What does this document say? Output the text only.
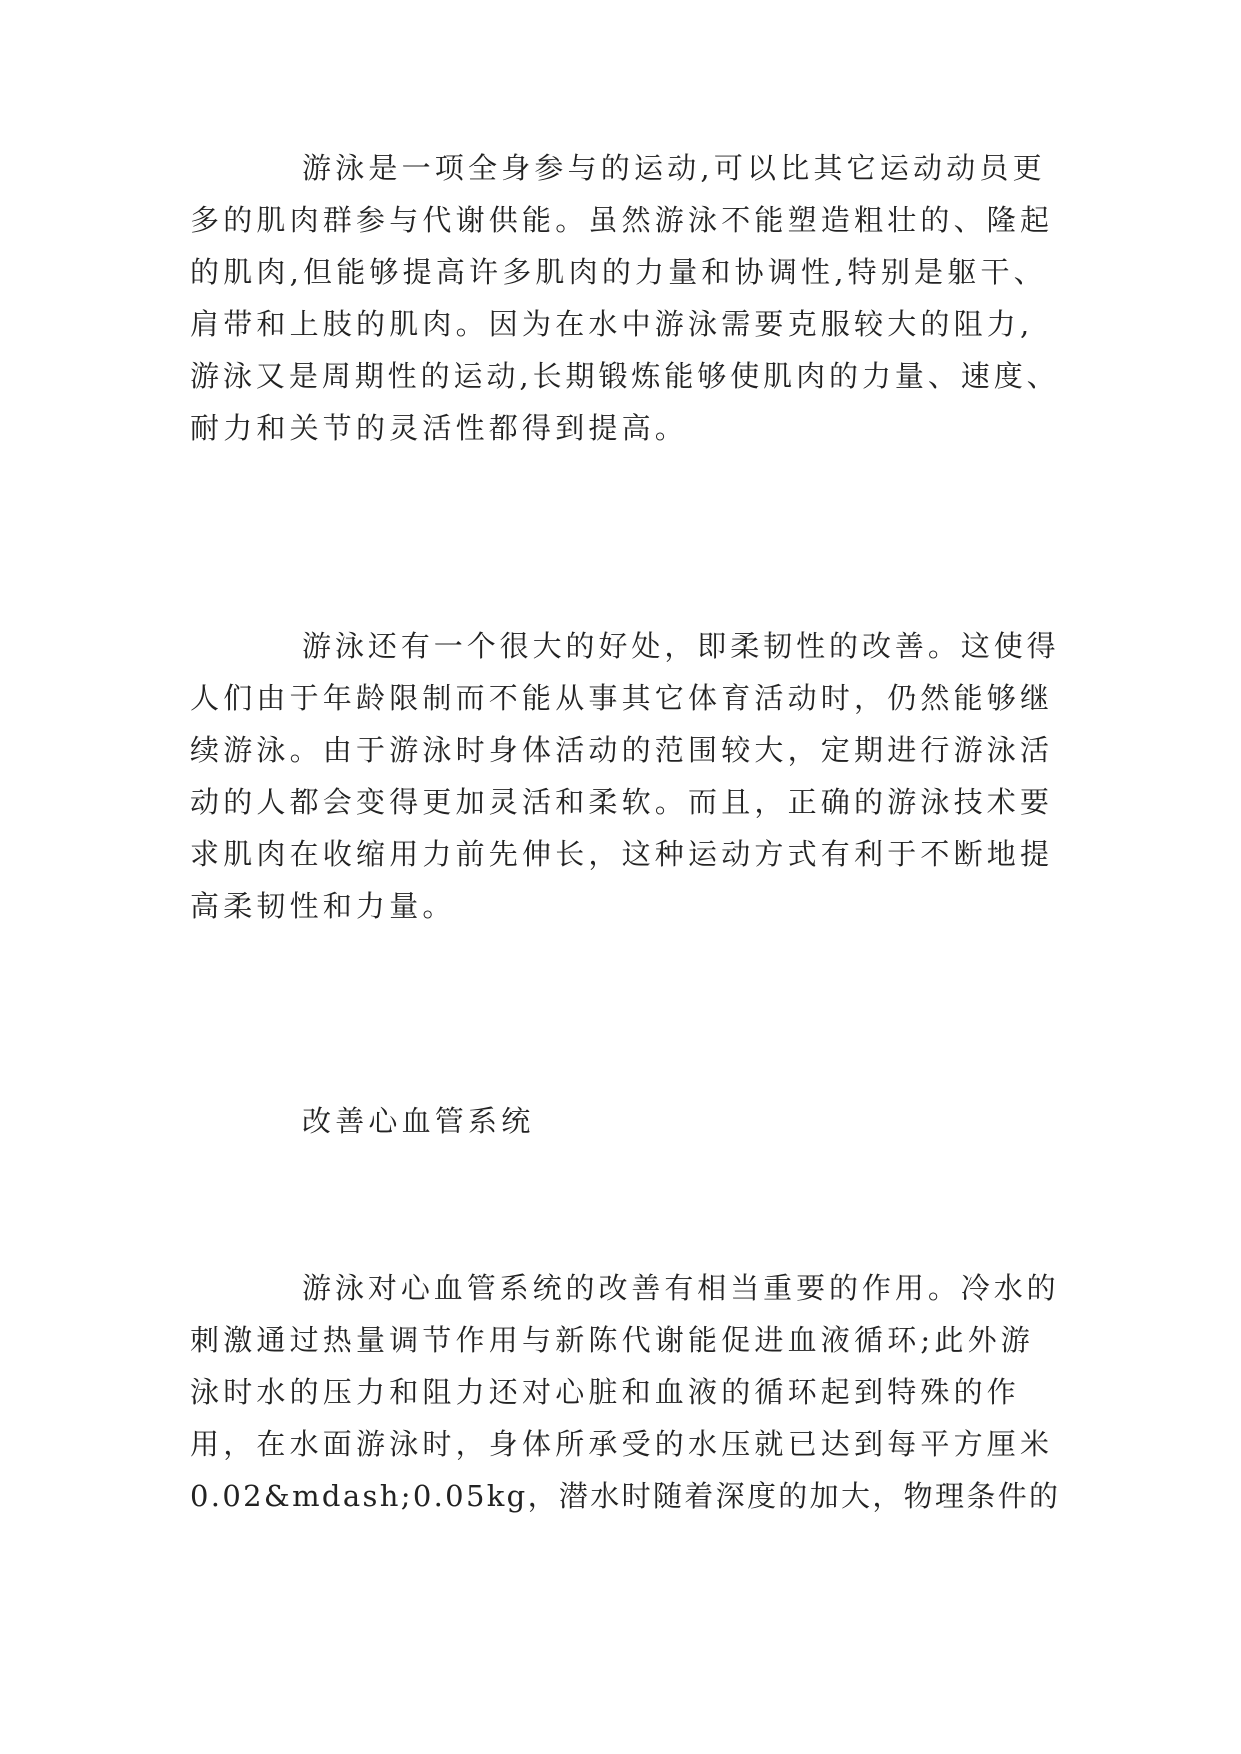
游泳是一项全身参与的运动,可以比其它运动动员更
多的肌肉群参与代谢供能。虽然游泳不能塑造粗壮的、隆起
的肌肉,但能够提高许多肌肉的力量和协调性,特别是躯干、
肩带和上肢的肌肉。因为在水中游泳需要克服较大的阻力,
游泳又是周期性的运动,长期锻炼能够使肌肉的力量、速度、
耐力和关节的灵活性都得到提高。
游泳还有一个很大的好处，即柔韧性的改善。这使得
人们由于年龄限制而不能从事其它体育活动时，仍然能够继
续游泳。由于游泳时身体活动的范围较大，定期进行游泳活
动的人都会变得更加灵活和柔软。而且，正确的游泳技术要
求肌肉在收缩用力前先伸长，这种运动方式有利于不断地提
高柔韧性和力量。
改善心血管系统
游泳对心血管系统的改善有相当重要的作用。冷水的
刺激通过热量调节作用与新陈代谢能促进血液循环;此外游
泳时水的压力和阻力还对心脏和血液的循环起到特殊的作
用，在水面游泳时，身体所承受的水压就已达到每平方厘米
0.02&mdash;0.05kg，潜水时随着深度的加大，物理条件的
